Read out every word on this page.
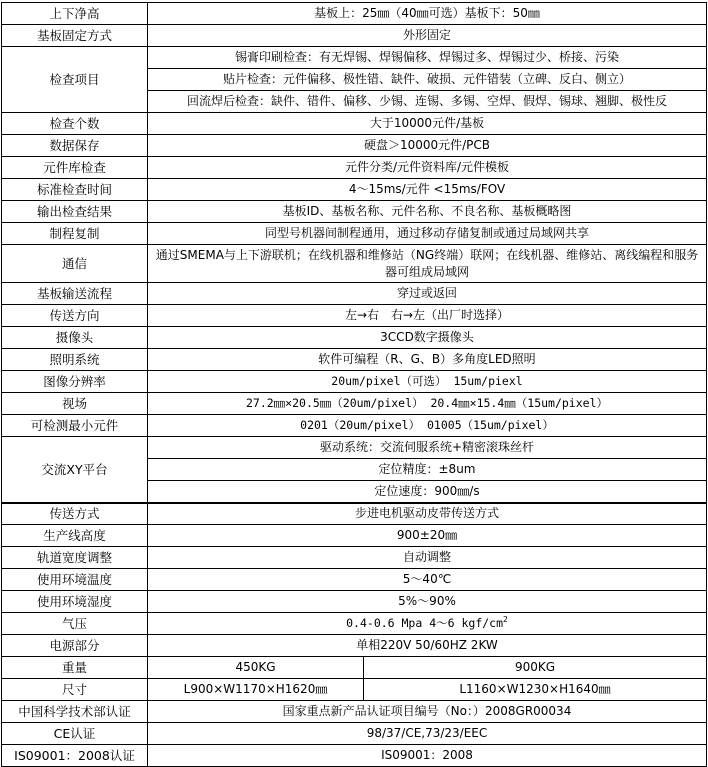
上下净高	基板上：25㎜（40㎜可选）基板下：50㎜	
基板固定方式	外形固定	
检查项目	锡膏印刷检查：有无焊锡、焊锡偏移、焊锡过多、焊锡过少、桥接、污染	
	贴片检查：元件偏移、极性错、缺件、破损、元件错装（立碑、反白、侧立）	
	回流焊后检查：缺件、错件、偏移、少锡、连锡、多锡、空焊、假焊、锡球、翘脚、极性反	
检查个数	大于10000元件/基板	
数据保存	硬盘＞10000元件/PCB	
元件库检查	元件分类/元件资料库/元件模板	
标准检查时间	4～15ms/元件 <15ms/FOV	
输出检查结果	基板ID、基板名称、元件名称、不良名称、基板概略图	
制程复制	同型号机器间制程通用，通过移动存储复制或通过局域网共享	
通信	通过SMEMA与上下游联机；在线机器和维修站（NG终端）联网；在线机器、维修站、离线编程和服务器可组成局域网	
基板输送流程	穿过或返回	
传送方向	左→右　右→左（出厂时选择）	
摄像头	3CCD数字摄像头	
照明系统	软件可编程（R、G、B）多角度LED照明	
图像分辨率	20um/pixel（可选） 15um/piexl	
视场	27.2㎜×20.5㎜（20um/pixel） 20.4㎜×15.4㎜（15um/pixel）	
可检测最小元件	0201（20um/pixel） 01005（15um/pixel）	
交流XY平台	驱动系统：交流伺服系统+精密滚珠丝杆	
	定位精度：±8um	
	定位速度：900㎜/s	
传送方式	步进电机驱动皮带传送方式	
生产线高度	900±20㎜	
轨道宽度调整	自动调整	
使用环境温度	5～40℃	
使用环境湿度	5%～90%	
气压	0.4-0.6 Mpa 4～6 kgf/$cm^2$
电源部分	单相220V 50/60HZ 2KW	
重量	450KG	900KG
尺寸	L900×W1170×H1620㎜	L1160×W1230×H1640㎜
中国科学技术部认证	国家重点新产品认证项目编号（No：）2008GR00034	
CE认证	98/37/CE,73/23/EEC	
IS09001：2008认证	IS09001：2008	
